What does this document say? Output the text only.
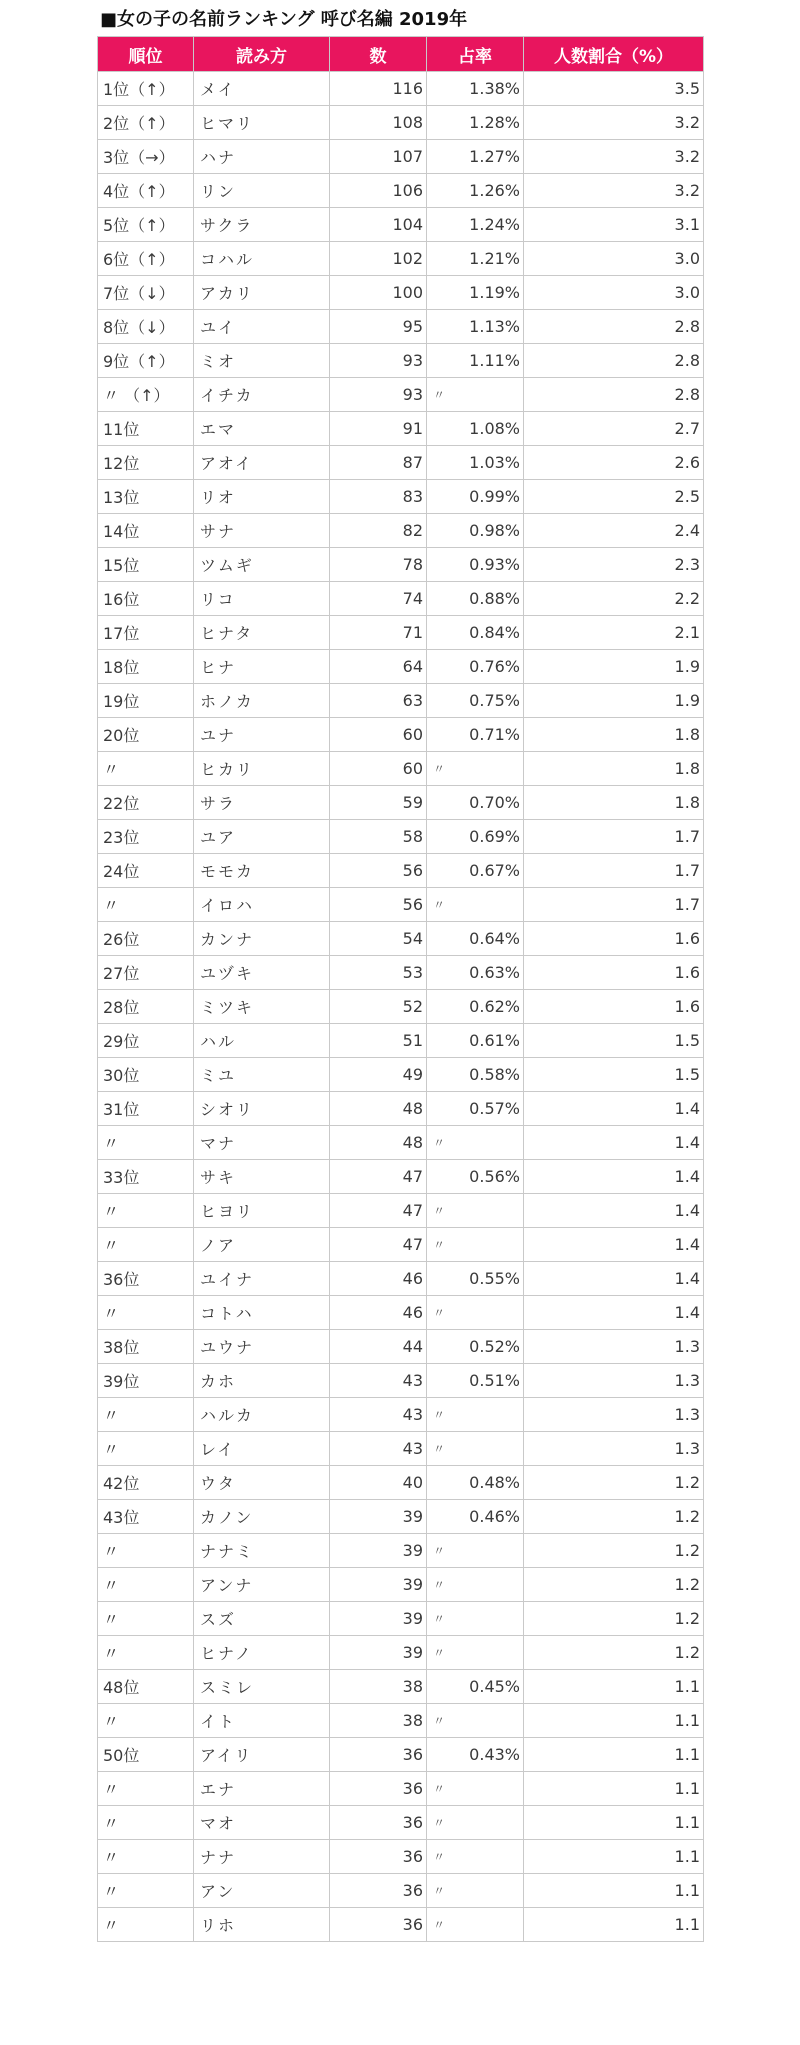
■女の子の名前ランキング 呼び名編 2019年
順位	読み方	数	占率	人数割合（%）
1位（↑）	メイ	116	1.38%	3.5
2位（↑）	ヒマリ	108	1.28%	3.2
3位（→）	ハナ	107	1.27%	3.2
4位（↑）	リン	106	1.26%	3.2
5位（↑）	サクラ	104	1.24%	3.1
6位（↑）	コハル	102	1.21%	3.0
7位（↓）	アカリ	100	1.19%	3.0
8位（↓）	ユイ	95	1.13%	2.8
9位（↑）	ミオ	93	1.11%	2.8
〃 （↑）	イチカ	93	〃	2.8
11位	エマ	91	1.08%	2.7
12位	アオイ	87	1.03%	2.6
13位	リオ	83	0.99%	2.5
14位	サナ	82	0.98%	2.4
15位	ツムギ	78	0.93%	2.3
16位	リコ	74	0.88%	2.2
17位	ヒナタ	71	0.84%	2.1
18位	ヒナ	64	0.76%	1.9
19位	ホノカ	63	0.75%	1.9
20位	ユナ	60	0.71%	1.8
〃	ヒカリ	60	〃	1.8
22位	サラ	59	0.70%	1.8
23位	ユア	58	0.69%	1.7
24位	モモカ	56	0.67%	1.7
〃	イロハ	56	〃	1.7
26位	カンナ	54	0.64%	1.6
27位	ユヅキ	53	0.63%	1.6
28位	ミツキ	52	0.62%	1.6
29位	ハル	51	0.61%	1.5
30位	ミユ	49	0.58%	1.5
31位	シオリ	48	0.57%	1.4
〃	マナ	48	〃	1.4
33位	サキ	47	0.56%	1.4
〃	ヒヨリ	47	〃	1.4
〃	ノア	47	〃	1.4
36位	ユイナ	46	0.55%	1.4
〃	コトハ	46	〃	1.4
38位	ユウナ	44	0.52%	1.3
39位	カホ	43	0.51%	1.3
〃	ハルカ	43	〃	1.3
〃	レイ	43	〃	1.3
42位	ウタ	40	0.48%	1.2
43位	カノン	39	0.46%	1.2
〃	ナナミ	39	〃	1.2
〃	アンナ	39	〃	1.2
〃	スズ	39	〃	1.2
〃	ヒナノ	39	〃	1.2
48位	スミレ	38	0.45%	1.1
〃	イト	38	〃	1.1
50位	アイリ	36	0.43%	1.1
〃	エナ	36	〃	1.1
〃	マオ	36	〃	1.1
〃	ナナ	36	〃	1.1
〃	アン	36	〃	1.1
〃	リホ	36	〃	1.1
